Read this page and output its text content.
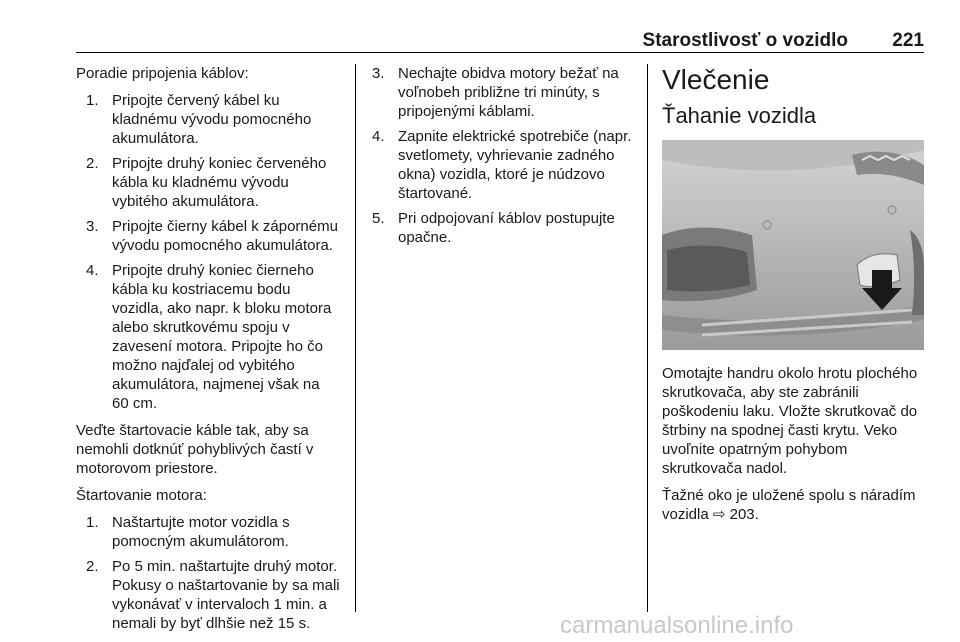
Starostlivosť o vozidlo 221

Poradie pripojenia káblov:

1. Pripojte červený kábel ku kladnému vývodu pomocného akumulátora.
2. Pripojte druhý koniec červeného kábla ku kladnému vývodu vybitého akumulátora.
3. Pripojte čierny kábel k zápornému vývodu pomocného akumulátora.
4. Pripojte druhý koniec čierneho kábla ku kostriacemu bodu vozidla, ako napr. k bloku motora alebo skrutkovému spoju v zavesení motora. Pripojte ho čo možno najďalej od vybitého akumulátora, najmenej však na 60 cm.

Veďte štartovacie káble tak, aby sa nemohli dotknúť pohyblivých častí v motorovom priestore.

Štartovanie motora:

1. Naštartujte motor vozidla s pomocným akumulátorom.
2. Po 5 min. naštartujte druhý motor. Pokusy o naštartovanie by sa mali vykonávať v intervaloch 1 min. a nemali by byť dlhšie než 15 s.
3. Nechajte obidva motory bežať na voľnobeh približne tri minúty, s pripojenými káblami.
4. Zapnite elektrické spotrebiče (napr. svetlomety, vyhrievanie zadného okna) vozidla, ktoré je núdzovo štartované.
5. Pri odpojovaní káblov postupujte opačne.
Vlečenie
Ťahanie vozidla

Omotajte handru okolo hrotu plochého skrutkovača, aby ste zabránili poškodeniu laku. Vložte skrutkovač do štrbiny na spodnej časti krytu. Veko uvoľnite opatrným pohybom skrutkovača nadol.

Ťažné oko je uložené spolu s náradím vozidla ⇨ 203.

carmanualsonline.info
